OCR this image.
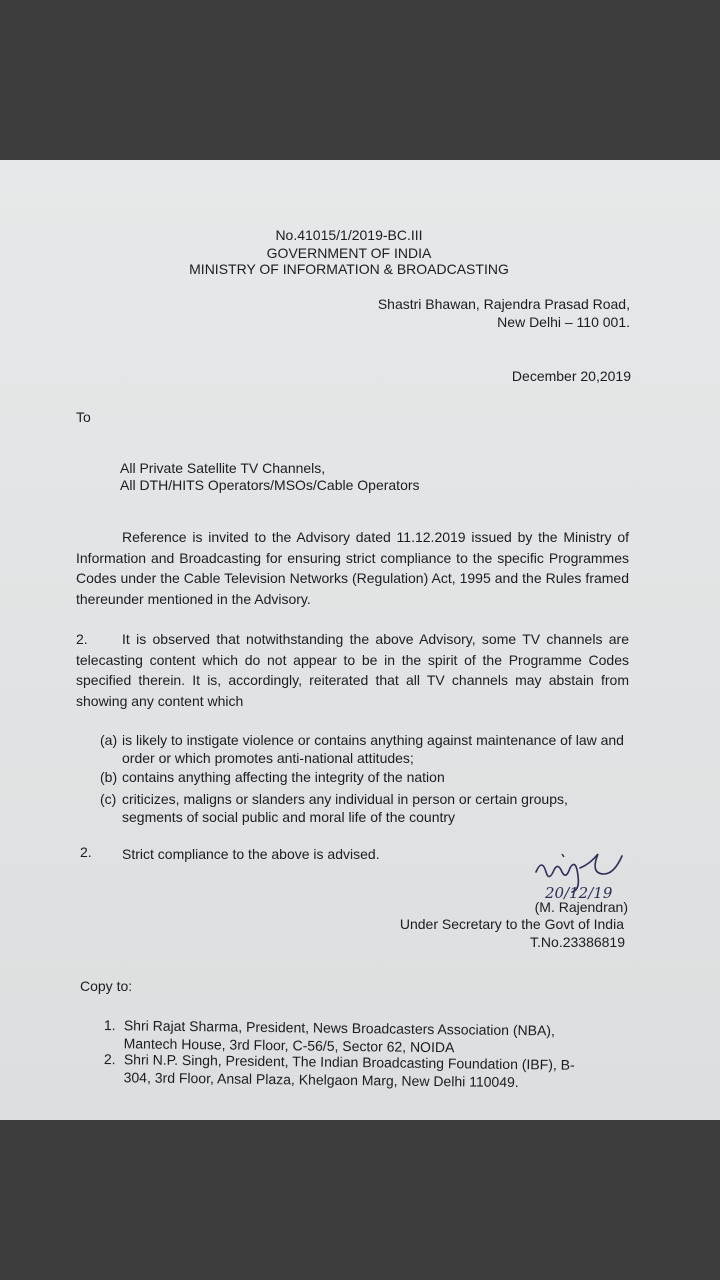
No.41015/1/2019-BC.III
GOVERNMENT OF INDIA
MINISTRY OF INFORMATION & BROADCASTING
Shastri Bhawan, Rajendra Prasad Road,
New Delhi – 110 001.
December 20,2019
To
All Private Satellite TV Channels,
All DTH/HITS Operators/MSOs/Cable Operators
Reference is invited to the Advisory dated 11.12.2019 issued by the Ministry of Information and Broadcasting for ensuring strict compliance to the specific Programmes Codes under the Cable Television Networks (Regulation) Act, 1995 and the Rules framed thereunder mentioned in the Advisory.
2. It is observed that notwithstanding the above Advisory, some TV channels are telecasting content which do not appear to be in the spirit of the Programme Codes specified therein. It is, accordingly, reiterated that all TV channels may abstain from showing any content which
(a) is likely to instigate violence or contains anything against maintenance of law and order or which promotes anti-national attitudes;
(b) contains anything affecting the integrity of the nation
(c) criticizes, maligns or slanders any individual in person or certain groups, segments of social public and moral life of the country
2. Strict compliance to the above is advised.
20/12/19
(M. Rajendran)
Under Secretary to the Govt of India
T.No.23386819
Copy to:
1. Shri Rajat Sharma, President, News Broadcasters Association (NBA),
Mantech House, 3rd Floor, C-56/5, Sector 62, NOIDA
2. Shri N.P. Singh, President, The Indian Broadcasting Foundation (IBF), B-
304, 3rd Floor, Ansal Plaza, Khelgaon Marg, New Delhi 110049.
